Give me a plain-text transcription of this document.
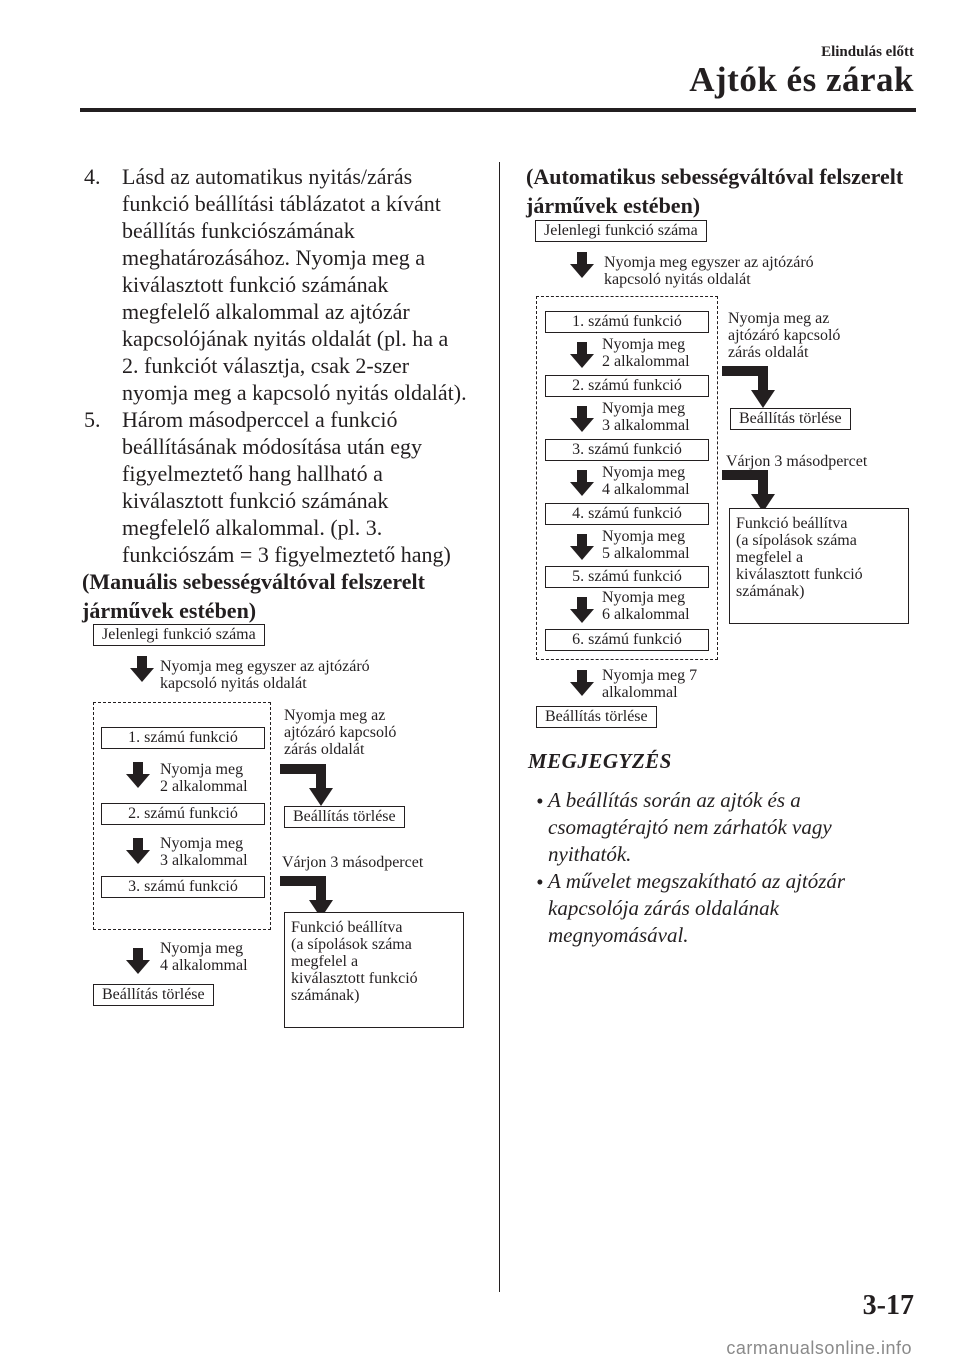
Elindulás előtt
Ajtók és zárak
4. Lásd az automatikus nyitás/zárás
funkció beállítási táblázatot a kívánt
beállítás funkciószámának
meghatározásához. Nyomja meg a
kiválasztott funkció számának
megfelelő alkalommal az ajtózár
kapcsolójának nyitás oldalát (pl. ha a
2. funkciót választja, csak 2-szer
nyomja meg a kapcsoló nyitás oldalát).
5. Három másodperccel a funkció
beállításának módosítása után egy
figyelmeztető hang hallható a
kiválasztott funkció számának
megfelelő alkalommal. (pl. 3.
funkciószám = 3 figyelmeztető hang)
(Manuális sebességváltóval felszerelt
járművek estében)
Jelenlegi funkció száma
Nyomja meg egyszer az ajtózáró
kapcsoló nyitás oldalát
1. számú funkció
Nyomja meg
2 alkalommal
2. számú funkció
Nyomja meg
3 alkalommal
3. számú funkció
Nyomja meg
4 alkalommal
Beállítás törlése
Nyomja meg az
ajtózáró kapcsoló
zárás oldalát
Beállítás törlése
Várjon 3 másodpercet
Funkció beállítva
(a sípolások száma
megfelel a
kiválasztott funkció
számának)
(Automatikus sebességváltóval felszerelt
járművek estében)
Jelenlegi funkció száma
Nyomja meg egyszer az ajtózáró
kapcsoló nyitás oldalát
1. számú funkció
Nyomja meg
2 alkalommal
2. számú funkció
Nyomja meg
3 alkalommal
3. számú funkció
Nyomja meg
4 alkalommal
4. számú funkció
Nyomja meg
5 alkalommal
5. számú funkció
Nyomja meg
6 alkalommal
6. számú funkció
Nyomja meg 7
alkalommal
Beállítás törlése
Nyomja meg az
ajtózáró kapcsoló
zárás oldalát
Beállítás törlése
Várjon 3 másodpercet
Funkció beállítva
(a sípolások száma
megfelel a
kiválasztott funkció
számának)
MEGJEGYZÉS
• A beállítás során az ajtók és a
csomagtérajtó nem zárhatók vagy
nyithatók.
• A művelet megszakítható az ajtózár
kapcsolója zárás oldalának
megnyomásával.
3-17
carmanualsonline.info
